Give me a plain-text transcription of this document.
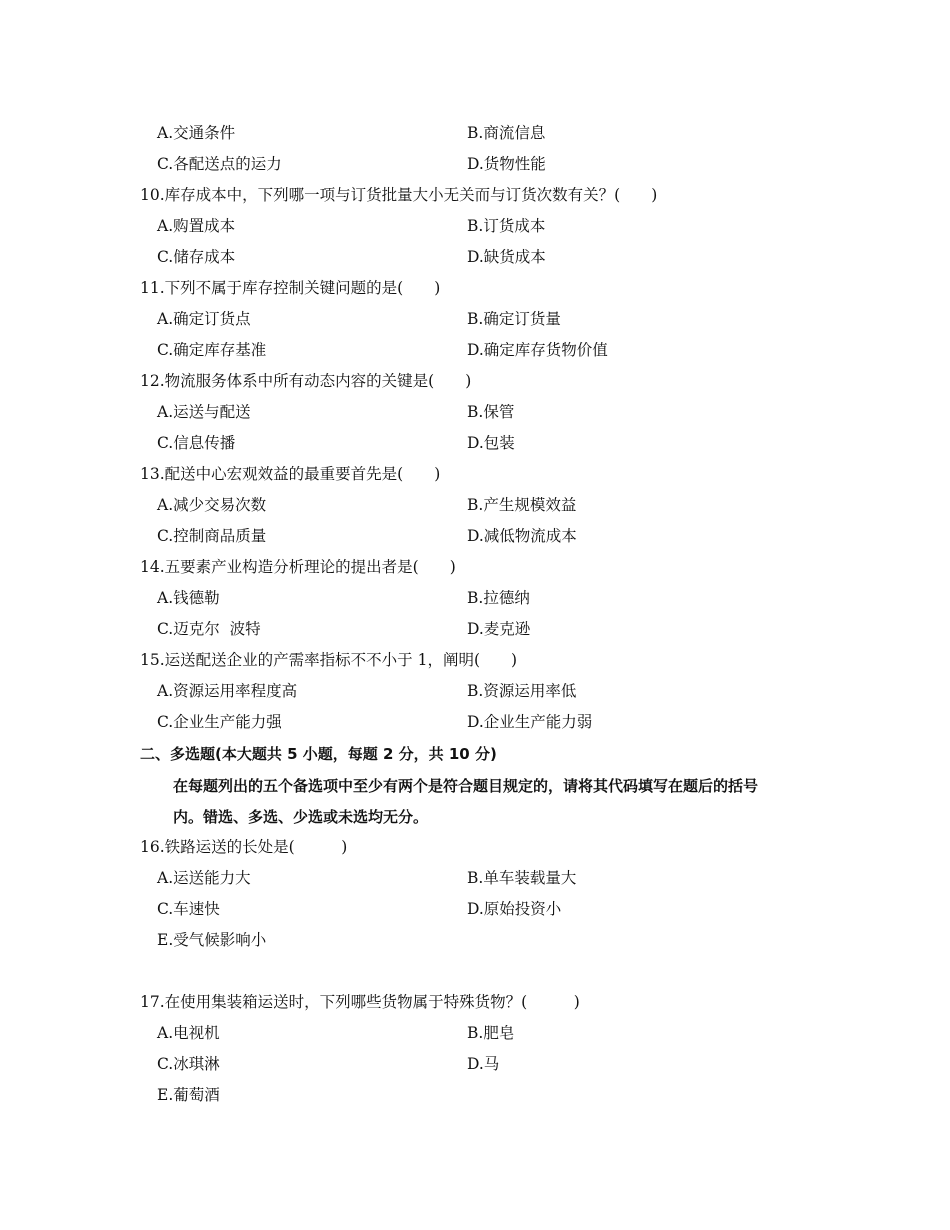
A.交通条件	B.商流信息
C.各配送点的运力	D.货物性能
10.库存成本中，下列哪一项与订货批量大小无关而与订货次数有关？(　　)
A.购置成本	B.订货成本
C.储存成本	D.缺货成本
11.下列不属于库存控制关键问题的是(　　)
A.确定订货点	B.确定订货量
C.确定库存基准	D.确定库存货物价值
12.物流服务体系中所有动态内容的关键是(　　)
A.运送与配送	B.保管
C.信息传播	D.包装
13.配送中心宏观效益的最重要首先是(　　)
A.减少交易次数	B.产生规模效益
C.控制商品质量	D.减低物流成本
14.五要素产业构造分析理论的提出者是(　　)
A.钱德勒	B.拉德纳
C.迈克尔  波特	D.麦克逊
15.运送配送企业的产需率指标不不小于 1，阐明(　　)
A.资源运用率程度高	B.资源运用率低
C.企业生产能力强	D.企业生产能力弱
二、多选题(本大题共 5 小题，每题 2 分，共 10 分)
在每题列出的五个备选项中至少有两个是符合题目规定的，请将其代码填写在题后的括号
内。错选、多选、少选或未选均无分。
16.铁路运送的长处是(　　　)
A.运送能力大	B.单车装载量大
C.车速快	D.原始投资小
E.受气候影响小
17.在使用集装箱运送时，下列哪些货物属于特殊货物？(　　　)
A.电视机	B.肥皂
C.冰琪淋	D.马
E.葡萄酒
